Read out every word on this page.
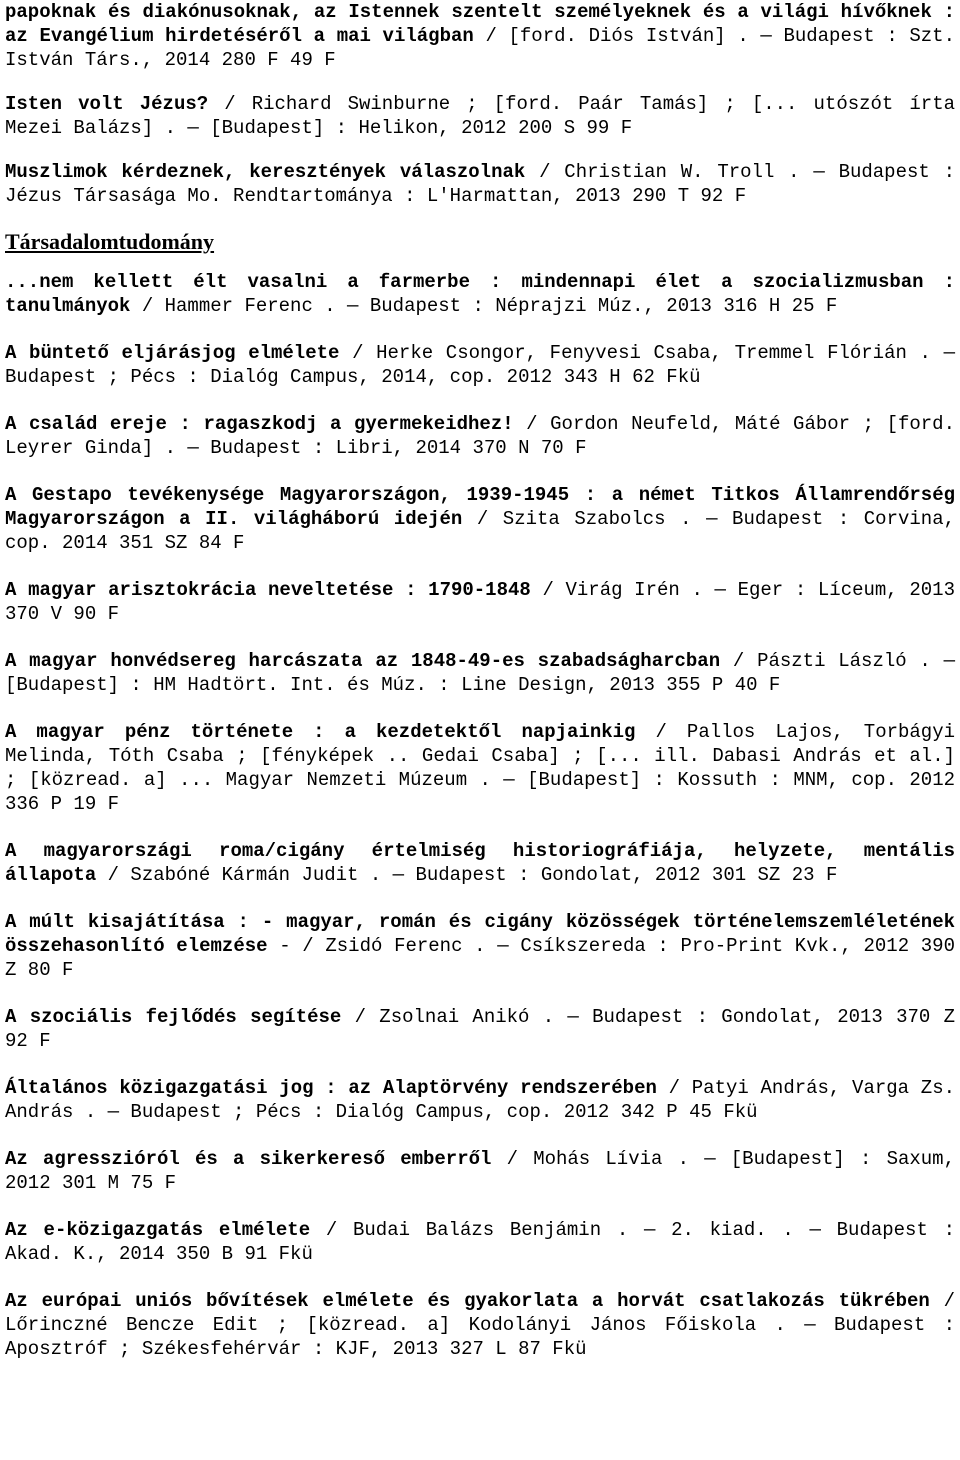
papoknak és diakónusoknak, az Istennek szentelt személyeknek és a világi hívőknek : az Evangélium hirdetéséről a mai világban / [ford. Diós István] . — Budapest : Szt. István Társ., 2014 280 F 49 F
Isten volt Jézus? / Richard Swinburne ; [ford. Paár Tamás] ; [... utószót írta Mezei Balázs] . — [Budapest] : Helikon, 2012 200 S 99 F
Muszlimok kérdeznek, keresztények válaszolnak / Christian W. Troll . — Budapest : Jézus Társasága Mo. Rendtartománya : L'Harmattan, 2013 290 T 92 F
Társadalomtudomány
...nem kellett élt vasalni a farmerbe : mindennapi élet a szocializmusban : tanulmányok / Hammer Ferenc . — Budapest : Néprajzi Múz., 2013 316 H 25 F
A büntető eljárásjog elmélete / Herke Csongor, Fenyvesi Csaba, Tremmel Flórián . — Budapest ; Pécs : Dialóg Campus, 2014, cop. 2012 343 H 62 Fkü
A család ereje : ragaszkodj a gyermekeidhez! / Gordon Neufeld, Máté Gábor ; [ford. Leyrer Ginda] . — Budapest : Libri, 2014 370 N 70 F
A Gestapo tevékenysége Magyarországon, 1939-1945 : a német Titkos Államrendőrség Magyarországon a II. világháború idején / Szita Szabolcs . — Budapest : Corvina, cop. 2014 351 SZ 84 F
A magyar arisztokrácia neveltetése : 1790-1848 / Virág Irén . — Eger : Líceum, 2013 370 V 90 F
A magyar honvédsereg harcászata az 1848-49-es szabadságharcban / Pászti László . — [Budapest] : HM Hadtört. Int. és Múz. : Line Design, 2013 355 P 40 F
A magyar pénz története : a kezdetektől napjainkig / Pallos Lajos, Torbágyi Melinda, Tóth Csaba ; [fényképek .. Gedai Csaba] ; [... ill. Dabasi András et al.] ; [közread. a] ... Magyar Nemzeti Múzeum . — [Budapest] : Kossuth : MNM, cop. 2012 336 P 19 F
A magyarországi roma/cigány értelmiség historiográfiája, helyzete, mentális állapota / Szabóné Kármán Judit . — Budapest : Gondolat, 2012 301 SZ 23 F
A múlt kisajátítása : - magyar, román és cigány közösségek történelemszemléletének összehasonlító elemzése - / Zsidó Ferenc . — Csíkszereda : Pro-Print Kvk., 2012 390 Z 80 F
A szociális fejlődés segítése / Zsolnai Anikó . — Budapest : Gondolat, 2013 370 Z 92 F
Általános közigazgatási jog : az Alaptörvény rendszerében / Patyi András, Varga Zs. András . — Budapest ; Pécs : Dialóg Campus, cop. 2012 342 P 45 Fkü
Az agresszióról és a sikerkereső emberről / Mohás Lívia . — [Budapest] : Saxum, 2012 301 M 75 F
Az e-közigazgatás elmélete / Budai Balázs Benjámin . — 2. kiad. . — Budapest : Akad. K., 2014 350 B 91 Fkü
Az európai uniós bővítések elmélete és gyakorlata a horvát csatlakozás tükrében / Lőrinczné Bencze Edit ; [közread. a] Kodolányi János Főiskola . — Budapest : Aposztróf ; Székesfehérvár : KJF, 2013 327 L 87 Fkü
